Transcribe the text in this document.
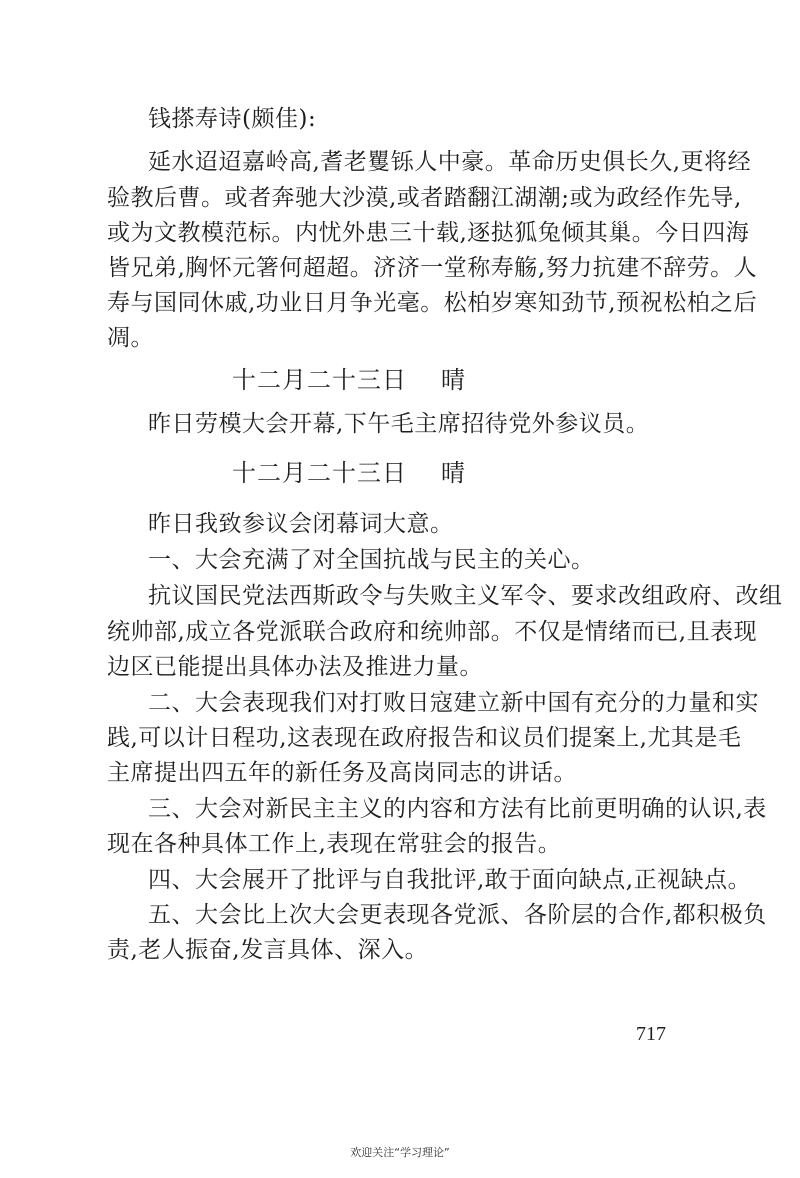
钱搽寿诗(颇佳):

延水迢迢嘉岭高,耆老矍铄人中豪。革命历史俱长久,更将经

验教后曹。或者奔驰大沙漠,或者踏翻江湖潮;或为政经作先导,

或为文教模范标。内忧外患三十载,逐挞狐兔倾其巢。今日四海

皆兄弟,胸怀元箸何超超。济济一堂称寿觞,努力抗建不辞劳。人

寿与国同休戚,功业日月争光毫。松柏岁寒知劲节,预祝松柏之后

凋。

十二月二十三日 晴

昨日劳模大会开幕,下午毛主席招待党外参议员。

十二月二十三日 晴

昨日我致参议会闭幕词大意。

一、大会充满了对全国抗战与民主的关心。

抗议国民党法西斯政令与失败主义军令、要求改组政府、改组

统帅部,成立各党派联合政府和统帅部。不仅是情绪而已,且表现

边区已能提出具体办法及推进力量。

二、大会表现我们对打败日寇建立新中国有充分的力量和实

践,可以计日程功,这表现在政府报告和议员们提案上,尤其是毛

主席提出四五年的新任务及高岗同志的讲话。

三、大会对新民主主义的内容和方法有比前更明确的认识,表

现在各种具体工作上,表现在常驻会的报告。

四、大会展开了批评与自我批评,敢于面向缺点,正视缺点。

五、大会比上次大会更表现各党派、各阶层的合作,都积极负

责,老人振奋,发言具体、深入。

717
欢迎关注“学习理论”
